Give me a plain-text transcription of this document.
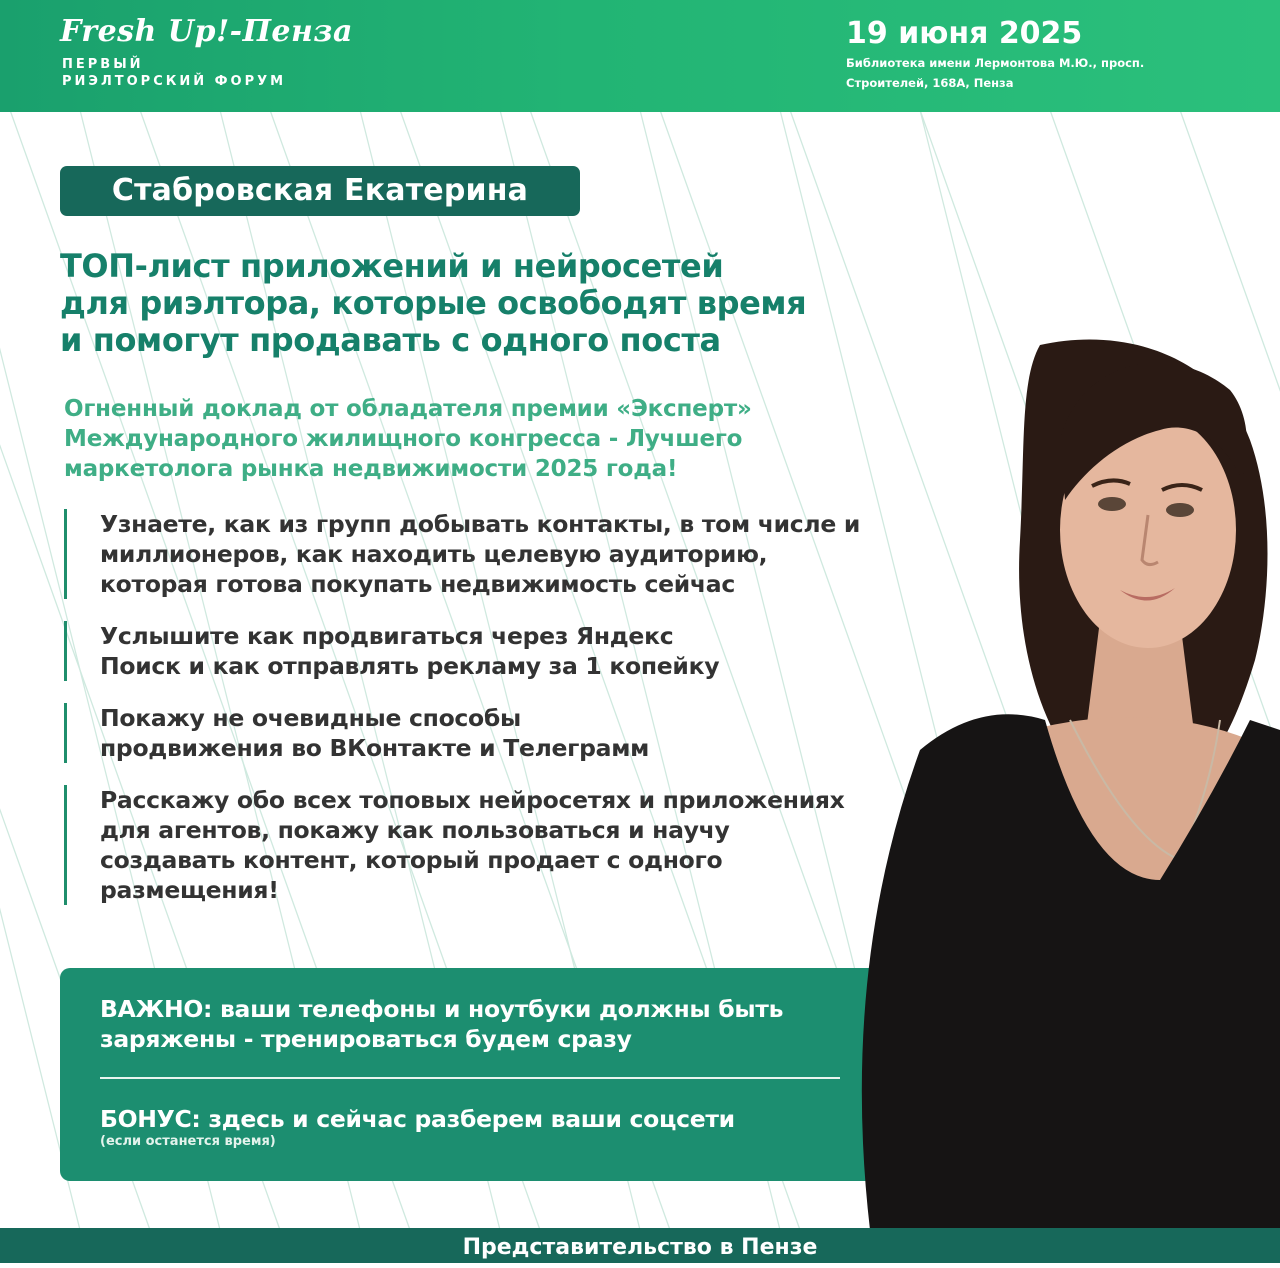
Fresh Up!-Пенза
ПЕРВЫЙ
РИЭЛТОРСКИЙ ФОРУМ
19 июня 2025
Библиотека имени Лермонтова М.Ю., просп.
Строителей, 168А, Пенза
Стабровская Екатерина
ТОП-лист приложений и нейросетей
для риэлтора, которые освободят время
и помогут продавать с одного поста
Огненный доклад от обладателя премии «Эксперт»
Международного жилищного конгресса - Лучшего
маркетолога рынка недвижимости 2025 года!
Узнаете, как из групп добывать контакты, в том числе и
миллионеров, как находить целевую аудиторию,
которая готова покупать недвижимость сейчас
Услышите как продвигаться через Яндекс
Поиск и как отправлять рекламу за 1 копейку
Покажу не очевидные способы
продвижения во ВКонтакте и Телеграмм
Расскажу обо всех топовых нейросетях и приложениях
для агентов, покажу как пользоваться и научу
создавать контент, который продает с одного
размещения!
ВАЖНО: ваши телефоны и ноутбуки должны быть
заряжены - тренироваться будем сразу
БОНУС: здесь и сейчас разберем ваши соцсети
(если останется время)
Представительство в Пензе
